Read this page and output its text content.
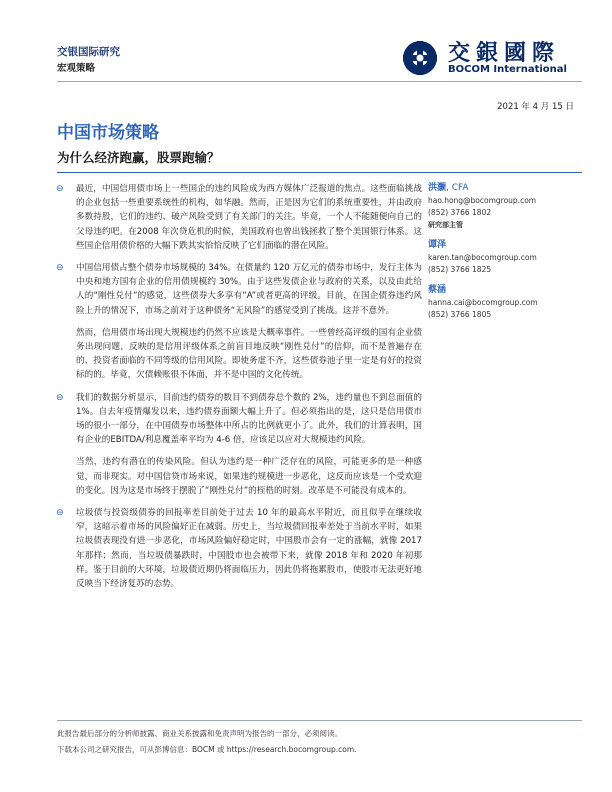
交银国际研究
宏观策略
交銀國際
BOCOM International
2021 年 4 月 15 日
中国市场策略
为什么经济跑赢，股票跑输？
⊖ 最近，中国信用债市场上一些国企的违约风险成为西方媒体广泛报道的焦点。这些面临挑战的企业包括一些重要系统性的机构，如华融。然而，正是因为它们的系统重要性，并由政府多数持股，它们的违约、破产风险受到了有关部门的关注。毕竟，一个人不能随便向自己的父母违约吧。在2008 年次贷危机的时候，美国政府也曾出钱拯救了整个美国银行体系。这些国企信用债价格的大幅下跌其实恰恰反映了它们面临的潜在风险。
⊖ 中国信用债占整个债券市场规模的 34%。在债量约 120 万亿元的债券市场中，发行主体为中央和地方国有企业的信用债规模约 30%。由于这些发债企业与政府的关系，以及由此给人的“刚性兑付”的感觉，这些债券大多享有“A”或者更高的评级。目前，在国企债券违约风险上升的情况下，市场之前对于这种债务“无风险”的感觉受到了挑战。这并不意外。
然而，信用债市场出现大规模违约仍然不应该是大概率事件。一些曾经高评级的国有企业债务出现问题，反映的是信用评级体系之前盲目地反映“刚性兑付”的信仰，而不是普遍存在的、投资者面临的不同等级的信用风险。即使务虚不齐，这些债券池子里一定是有好的投资标的的。毕竟，欠债赖账很不体面，并不是中国的文化传统。
⊖ 我们的数据分析显示，目前违约债券的数目不到债券总个数的 2%，违约量也不到总面值的 1%。自去年疫情爆发以来，违约债券面额大幅上升了。但必须指出的是，这只是信用债市场的很小一部分，在中国债券市场整体中所占的比例就更小了。此外，我们的计算表明，国有企业的EBITDA/利息覆盖率平均为 4-6 倍，应该足以应对大规模违约风险。
当然，违约有潜在的传染风险。但认为违约是一种广泛存在的风险，可能更多的是一种感觉，而非现实。对中国信贷市场来说，如果违约规模进一步恶化，这反而应该是一个受欢迎的变化。因为这是市场终于摆脱了“刚性兑付”的桎梏的时刻。改革是不可能没有成本的。
⊖ 垃圾债与投资级债券的回报率差目前处于过去 10 年的最高水平附近，而且似乎在继续收窄，这暗示着市场的风险偏好正在减弱。历史上，当垃圾债回报率差处于当前水平时，如果垃圾债表现没有进一步恶化，市场风险偏好稳定时，中国股市会有一定的涨幅，就像 2017 年那样；然而，当垃圾债暴跌时，中国股市也会被带下来，就像 2018 年和 2020 年初那样。鉴于目前的大环境，垃圾债近期仍将面临压力，因此仍将拖累股市，使股市无法更好地反映当下经济复苏的态势。
洪灏, CFA
hao.hong@bocomgroup.com
(852) 3766 1802
研究部主管
谭泽
karen.tan@bocomgroup.com
(852) 3766 1825
蔡涵
hanna.cai@bocomgroup.com
(852) 3766 1805
此报告最后部分的分析师披露、商业关系披露和免责声明为报告的一部分，必须阅读。
下载本公司之研究报告，可从彭博信息：BOCM 或 https://research.bocomgroup.com.
